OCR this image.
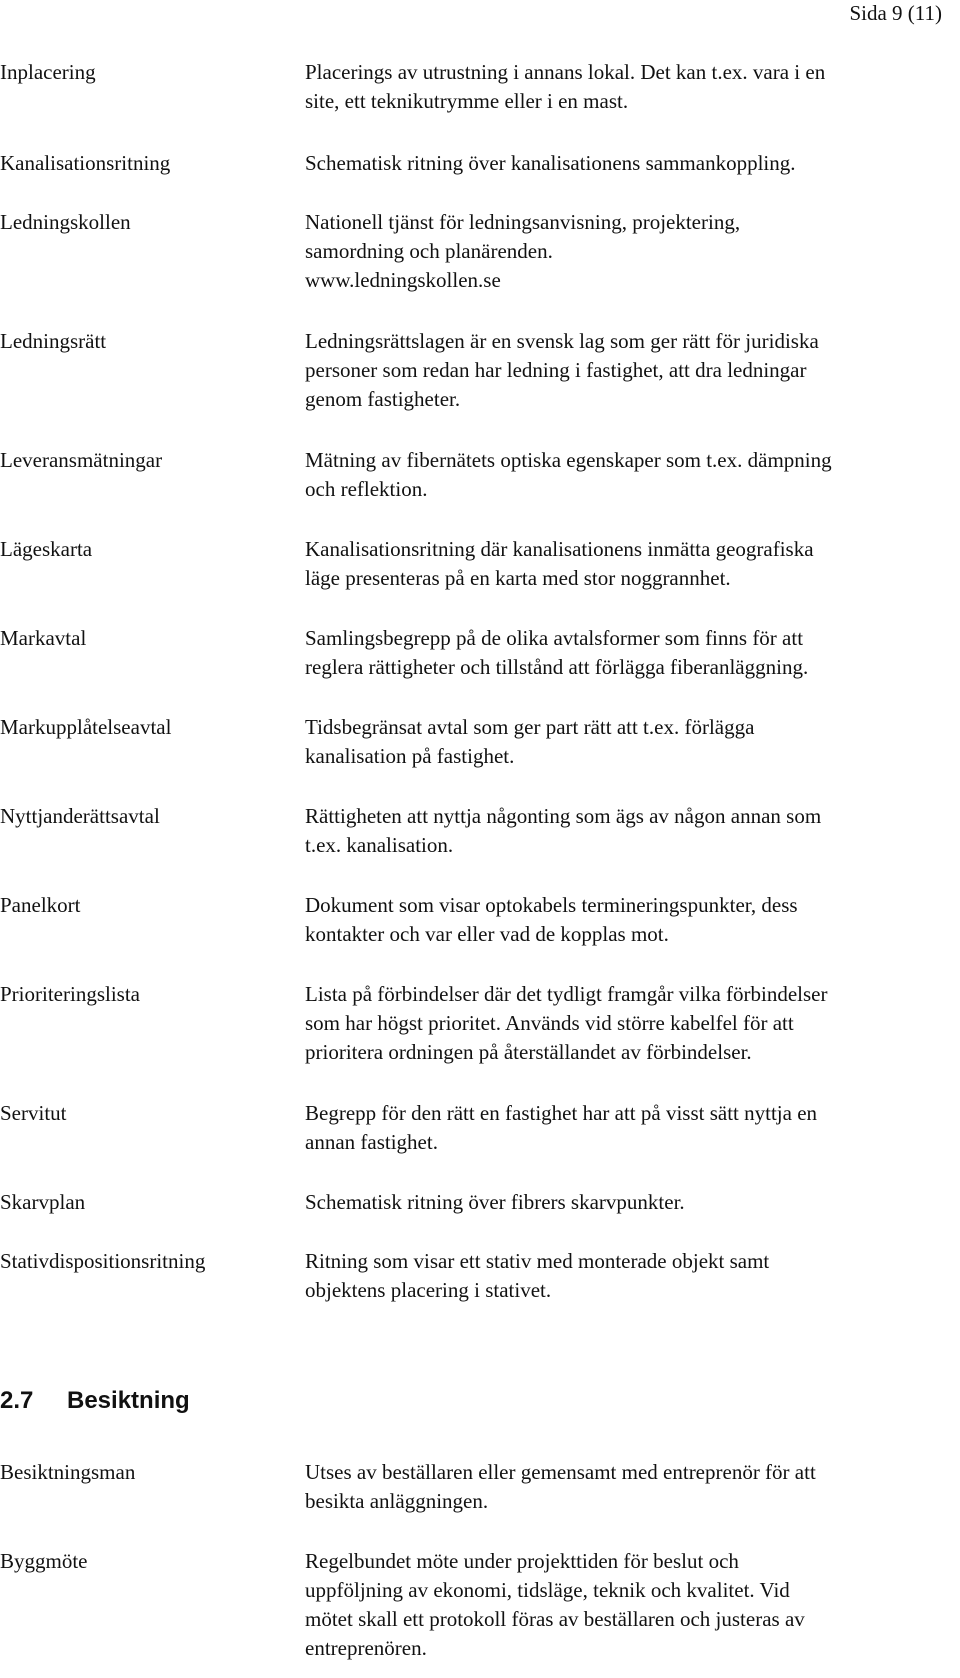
Sida 9 (11)
Inplacering	Placerings av utrustning i annans lokal. Det kan t.ex. vara i en
site, ett teknikutrymme eller i en mast.
Kanalisationsritning	Schematisk ritning över kanalisationens sammankoppling.
Ledningskollen	Nationell tjänst för ledningsanvisning, projektering,
samordning och planärenden.
www.ledningskollen.se
Ledningsrätt	Ledningsrättslagen är en svensk lag som ger rätt för juridiska
personer som redan har ledning i fastighet, att dra ledningar
genom fastigheter.
Leveransmätningar	Mätning av fibernätets optiska egenskaper som t.ex. dämpning
och reflektion.
Lägeskarta	Kanalisationsritning där kanalisationens inmätta geografiska
läge presenteras på en karta med stor noggrannhet.
Markavtal	Samlingsbegrepp på de olika avtalsformer som finns för att
reglera rättigheter och tillstånd att förlägga fiberanläggning.
Markupplåtelseavtal	Tidsbegränsat avtal som ger part rätt att t.ex. förlägga
kanalisation på fastighet.
Nyttjanderättsavtal	Rättigheten att nyttja någonting som ägs av någon annan som
t.ex. kanalisation.
Panelkort	Dokument som visar optokabels termineringspunkter, dess
kontakter och var eller vad de kopplas mot.
Prioriteringslista	Lista på förbindelser där det tydligt framgår vilka förbindelser
som har högst prioritet. Används vid större kabelfel för att
prioritera ordningen på återställandet av förbindelser.
Servitut	Begrepp för den rätt en fastighet har att på visst sätt nyttja en
annan fastighet.
Skarvplan	Schematisk ritning över fibrers skarvpunkter.
Stativdispositionsritning	Ritning som visar ett stativ med monterade objekt samt
objektens placering i stativet.
2.7 Besiktning
Besiktningsman	Utses av beställaren eller gemensamt med entreprenör för att
besikta anläggningen.
Byggmöte	Regelbundet möte under projekttiden för beslut och
uppföljning av ekonomi, tidsläge, teknik och kvalitet. Vid
mötet skall ett protokoll föras av beställaren och justeras av
entreprenören.
